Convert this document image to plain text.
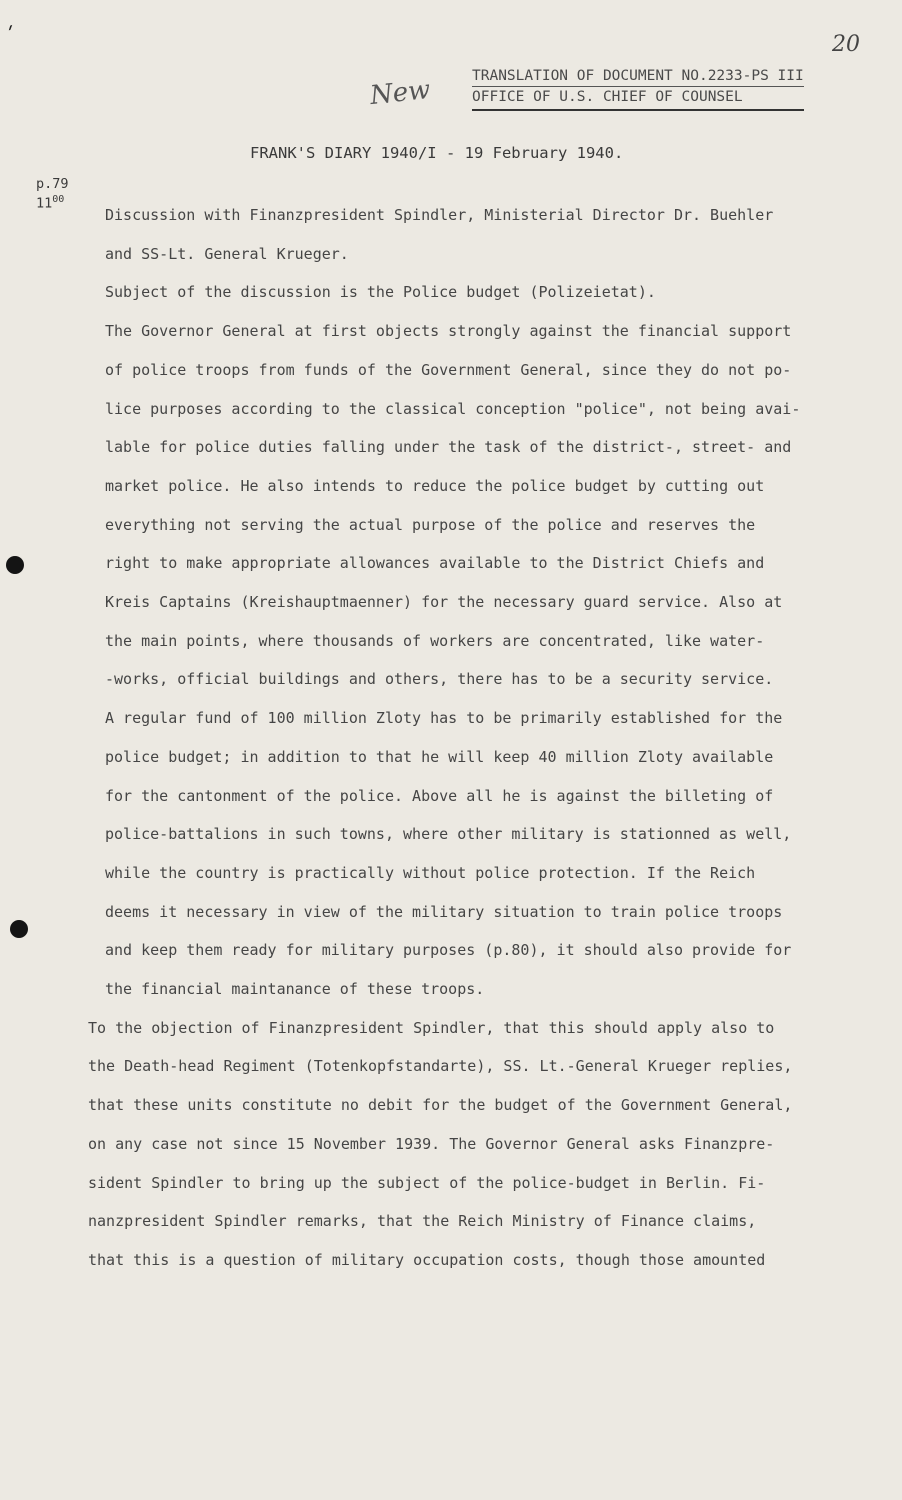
´	20
New	TRANSLATION OF DOCUMENT NO.2233-PS III
OFFICE OF U.S. CHIEF OF COUNSEL
FRANK'S DIARY 1940/I - 19 February 1940.
p.79
$11^{00}$
Discussion with Finanzpresident Spindler, Ministerial Director Dr. Buehler
and SS-Lt. General Krueger.
Subject of the discussion is the Police budget (Polizeietat).
The Governor General at first objects strongly against the financial support
of police troops from funds of the Government General, since they do not po-
lice purposes according to the classical conception "police", not being avai-
lable for police duties falling under the task of the district-, street- and
market police. He also intends to reduce the police budget by cutting out
everything not serving the actual purpose of the police and reserves the
right to make appropriate allowances available to the District Chiefs and
Kreis Captains (Kreishauptmaenner) for the necessary guard service. Also at
the main points, where thousands of workers are concentrated, like water-
-works, official buildings and others, there has to be a security service.
A regular fund of 100 million Zloty has to be primarily established for the
police budget; in addition to that he will keep 40 million Zloty available
for the cantonment of the police. Above all he is against the billeting of
police-battalions in such towns, where other military is stationned as well,
while the country is practically without police protection. If the Reich
deems it necessary in view of the military situation to train police troops
and keep them ready for military purposes (p.80), it should also provide for
the financial maintanance of these troops.
To the objection of Finanzpresident Spindler, that this should apply also to
the Death-head Regiment (Totenkopfstandarte), SS. Lt.-General Krueger replies,
that these units constitute no debit for the budget of the Government General,
on any case not since 15 November 1939. The Governor General asks Finanzpre-
sident Spindler to bring up the subject of the police-budget in Berlin. Fi-
nanzpresident Spindler remarks, that the Reich Ministry of Finance claims,
that this is a question of military occupation costs, though those amounted
